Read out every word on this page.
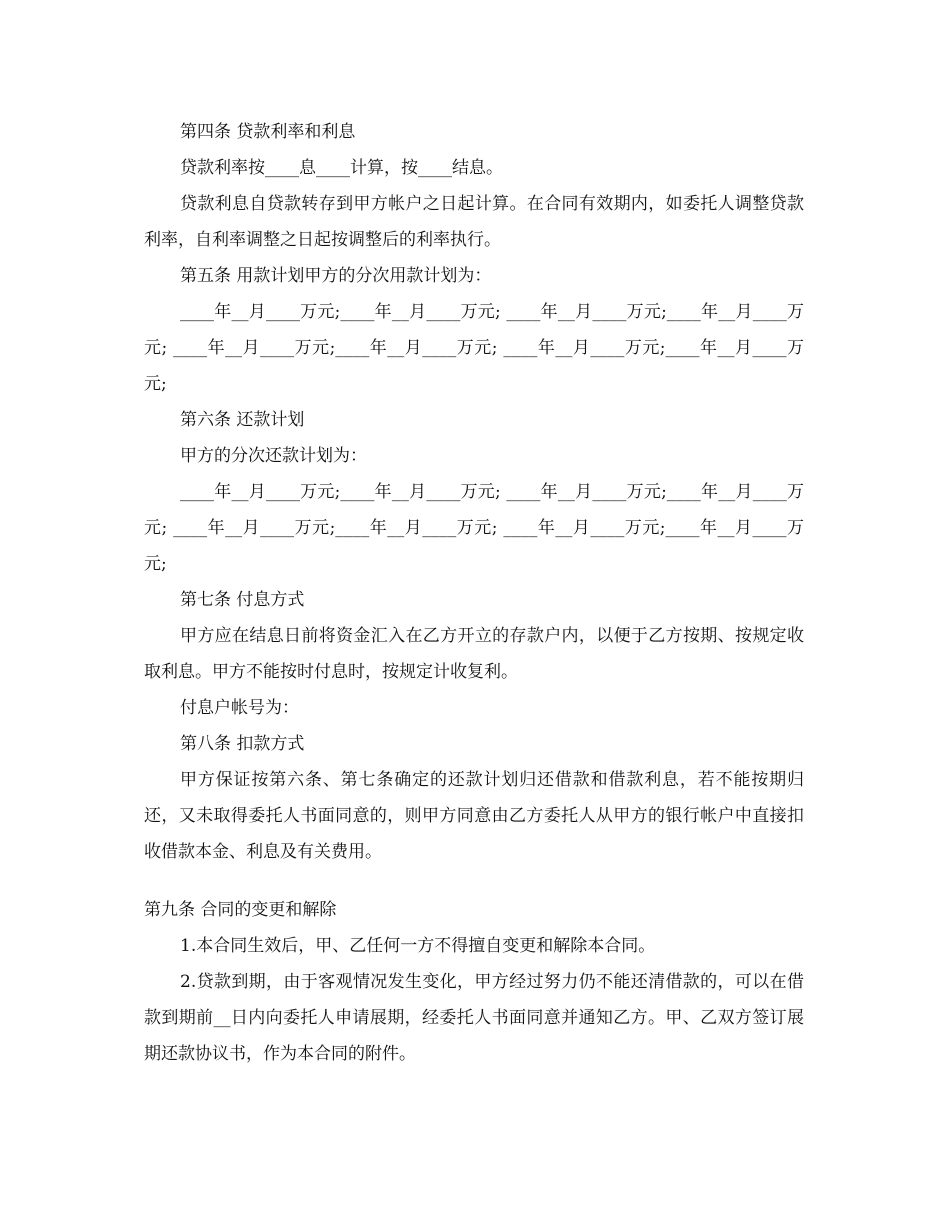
第四条 贷款利率和利息

贷款利率按____息____计算，按____结息。

贷款利息自贷款转存到甲方帐户之日起计算。在合同有效期内，如委托人调整贷款利率，自利率调整之日起按调整后的利率执行。

第五条 用款计划甲方的分次用款计划为：

____年__月____万元;____年__月____万元; ____年__月____万元;____年__月____万元; ____年__月____万元;____年__月____万元; ____年__月____万元;____年__月____万元;

第六条 还款计划

甲方的分次还款计划为：

____年__月____万元;____年__月____万元; ____年__月____万元;____年__月____万元; ____年__月____万元;____年__月____万元; ____年__月____万元;____年__月____万元;

第七条 付息方式

甲方应在结息日前将资金汇入在乙方开立的存款户内，以便于乙方按期、按规定收取利息。甲方不能按时付息时，按规定计收复利。

付息户帐号为：

第八条 扣款方式

甲方保证按第六条、第七条确定的还款计划归还借款和借款利息，若不能按期归还，又未取得委托人书面同意的，则甲方同意由乙方委托人从甲方的银行帐户中直接扣收借款本金、利息及有关费用。

第九条 合同的变更和解除

1.本合同生效后，甲、乙任何一方不得擅自变更和解除本合同。

2.贷款到期，由于客观情况发生变化，甲方经过努力仍不能还清借款的，可以在借款到期前__日内向委托人申请展期，经委托人书面同意并通知乙方。甲、乙双方签订展期还款协议书，作为本合同的附件。
